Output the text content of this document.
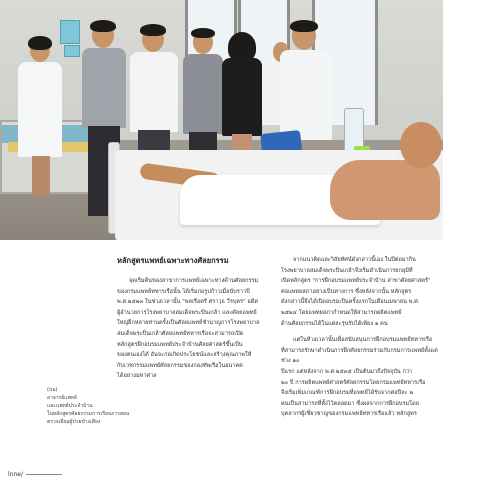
(บน)
อาจารย์แพทย์
และแพทย์ประจำบ้าน
ในหลักสูตรศัลยกรรมการเรียนการสอน
ตรวจเยี่ยมผู้ป่วยข้างเตียง
หลักสูตรแพทย์เฉพาะทางศัลยกรรม

จุดเริ่มต้นของสาขาการแพทย์เฉพาะทางด้านศัลยกรรม

ของกรมแพทย์ทหารเรือนั้น ได้เริ่มก่อรูปก้าวเมื่อนับราวปี

พ.ศ.๒๕๒๓ ในช่วงเวลานั้น "พลเรือตรี ศราวุธ วีรบุตร" อดีต

ผู้อำนวยการโรงพยาบาลสมเด็จพระปิ่นเกล้า และศัลยแพทย์

ใหญ่ฝึกหลายท่านครั้งเป็นศัลยแพทย์ชำนาญการโรงพยาบาล

สมเด็จพระปิ่นเกล้าศัลยแพทย์ทหารเรือจะสามารถเปิด

หลักสูตรฝึกอบรมแพทย์ประจำบ้านศัลยศาสตร์ขึ้นเป็น

ของตนเองได้ อันจะก่อเกิดประโยชน์และสร้างคุณภาพให้

กับเวชกรรมแพทย์ศัลยกรรมของกองทัพเรือในอนาคต

ได้อย่างมหาศาล

จากแนวคิดและวิสัยทัศน์ดังกล่าวนี้เอง ในปีต่อมากิน

โรงพยาบาลสมเด็จพระปิ่นเกล้าจึงเริ่มดำเนินการยกยุมีที่

เปิดหลักสูตร "การฝึกอบรมแพทย์ประจำบ้าน สาขาศัลยศาสตร์"

ต่อแพทยสภาอย่างเป็นทางการ ซึ่งหลังจากนั้น หลักสูตร

ดังกล่าวนี้จึงได้เปิดอบรมเป็นครั้งแรกในเดือนเมษายน พ.ศ.

๒๕๒๔ โดยแพทยสภากำหนดให้สามารถผลิตแพทย์

ด้านศัลยกรรมได้ในแต่ละรุ่นรับได้เพียง ๑ คน

แต่ในห้วงเวลานั้นเพื่อสนับสนุนการฝึกอบรมแพทย์ทหารเรือ

ที่สามารถรักษาดำเนินการฝึกศัลยกรรมร่วมกับกรมการแพทย์ตั้งแต่ช่วง ๑๐

ปีแรก แต่หลังจาก พ.ศ.๒๕๓๕ เป็นต้นมาถึงปัจจุบัน กว่า

๒๐ ปี การผลิตแพทย์ศาสตร์ศัลยกรรมโดยกรมแพทย์ทหารเรือ

จึงเริ่มเพิ่มเกณฑ์การฝึกอบรมที่แพทย์ได้รับจากต่อปีละ ๒

คนเป็นสามารถที่ตั้งไว้ตลอดมา ซึ่งผลจากการฝึกอบรมโดย

บุคลากรผู้เชี่ยวชาญของกรมแพทย์ทหารเรือแล้ว หลักสูตร

lnne/
